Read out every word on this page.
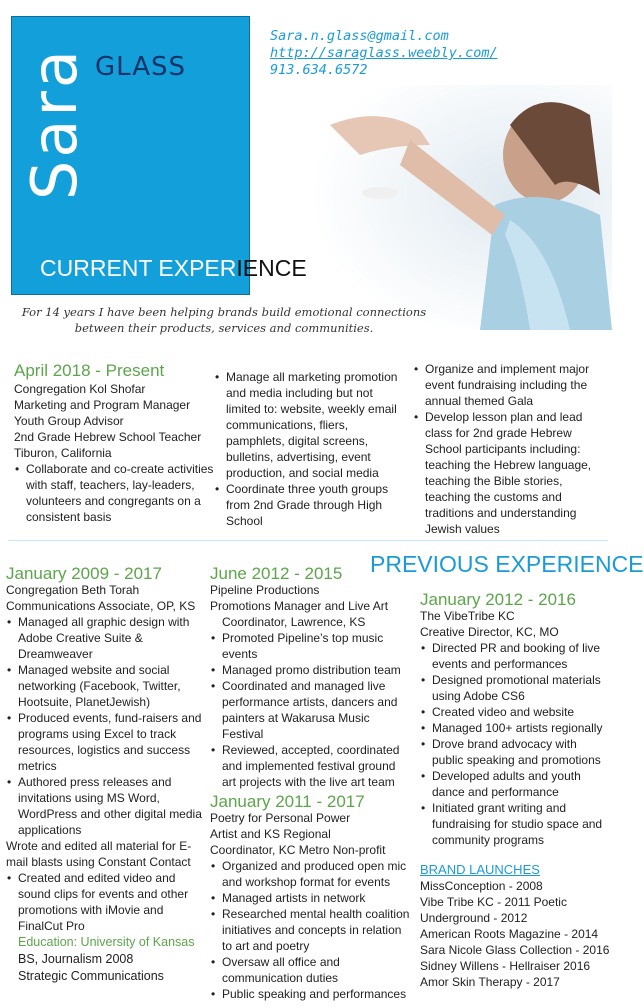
Sara GLASS
Sara.n.glass@gmail.com
http://saraglass.weebly.com/
913.634.6572
CURRENT EXPERIENCE
For 14 years I have been helping brands build emotional connections between their products, services and communities.
April 2018 - Present
Congregation Kol Shofar
Marketing and Program Manager
Youth Group Advisor
2nd Grade Hebrew School Teacher
Tiburon, California
• Collaborate and co-create activities with staff, teachers, lay-leaders, volunteers and congregants on a consistent basis
• Manage all marketing promotion and media including but not limited to: website, weekly email communications, fliers, pamphlets, digital screens, bulletins, advertising, event production, and social media
• Coordinate three youth groups from 2nd Grade through High School
• Organize and implement major event fundraising including the annual themed Gala
• Develop lesson plan and lead class for 2nd grade Hebrew School participants including: teaching the Hebrew language, teaching the Bible stories, teaching the customs and traditions and understanding Jewish values
PREVIOUS EXPERIENCE
January 2009 - 2017
Congregation Beth Torah
Communications Associate, OP, KS
• Managed all graphic design with Adobe Creative Suite & Dreamweaver
• Managed website and social networking (Facebook, Twitter, Hootsuite, PlanetJewish)
• Produced events, fund-raisers and programs using Excel to track resources, logistics and success metrics
• Authored press releases and invitations using MS Word, WordPress and other digital media applications
Wrote and edited all material for E-mail blasts using Constant Contact
• Created and edited video and sound clips for events and other promotions with iMovie and FinalCut Pro
Education: University of Kansas
BS, Journalism 2008
Strategic Communications
June 2012 - 2015
Pipeline Productions
Promotions Manager and Live Art
Coordinator, Lawrence, KS
• Promoted Pipeline’s top music events
• Managed promo distribution team
• Coordinated and managed live performance artists, dancers and painters at Wakarusa Music Festival
• Reviewed, accepted, coordinated and implemented festival ground art projects with the live art team
January 2011 - 2017
Poetry for Personal Power
Artist and KS Regional
Coordinator, KC Metro Non-profit
• Organized and produced open mic and workshop format for events
• Managed artists in network
• Researched mental health coalition initiatives and concepts in relation to art and poetry
• Oversaw all office and communication duties
• Public speaking and performances
January 2012 - 2016
The VibeTribe KC
Creative Director, KC, MO
• Directed PR and booking of live events and performances
• Designed promotional materials using Adobe CS6
• Created video and website
• Managed 100+ artists regionally
• Drove brand advocacy with public speaking and promotions
• Developed adults and youth dance and performance
• Initiated grant writing and fundraising for studio space and community programs
BRAND LAUNCHES
MissConception - 2008
Vibe Tribe KC - 2011 Poetic
Underground - 2012
American Roots Magazine - 2014
Sara Nicole Glass Collection - 2016
Sidney Willens - Hellraiser 2016
Amor Skin Therapy - 2017
